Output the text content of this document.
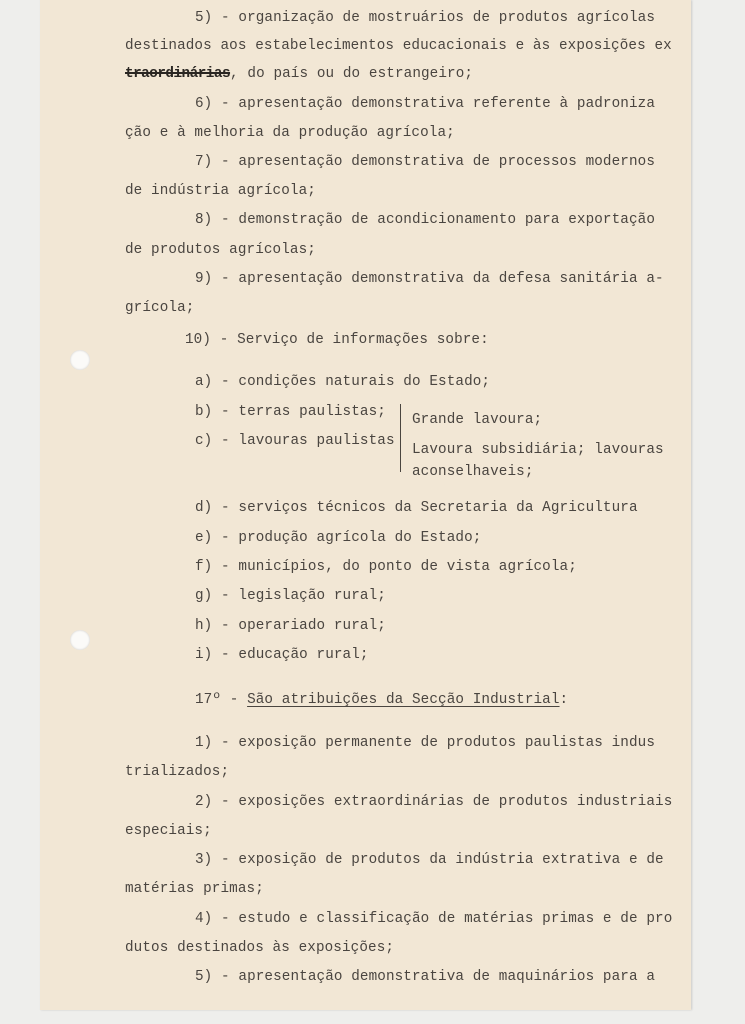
5) - organização de mostruários de produtos agrícolas
destinados aos estabelecimentos educacionais e às exposições ex
traordinárias, do país ou do estrangeiro;
6) - apresentação demonstrativa referente à padroniza
ção e à melhoria da produção agrícola;
7) - apresentação demonstrativa de processos modernos
de indústria agrícola;
8) - demonstração de acondicionamento para exportação
de produtos agrícolas;
9) - apresentação demonstrativa da defesa sanitária a-
grícola;
10) - Serviço de informações sobre:
a) - condições naturais do Estado;
b) - terras paulistas;
c) - lavouras paulistas
Grande lavoura;
Lavoura subsidiária; lavouras
aconselhaveis;
d) - serviços técnicos da Secretaria da Agricultura
e) - produção agrícola do Estado;
f) - municípios, do ponto de vista agrícola;
g) - legislação rural;
h) - operariado rural;
i) - educação rural;
17º - São atribuições da Secção Industrial:
1) - exposição permanente de produtos paulistas indus
trializados;
2) - exposições extraordinárias de produtos industriais
especiais;
3) - exposição de produtos da indústria extrativa e de
matérias primas;
4) - estudo e classificação de matérias primas e de pro
dutos destinados às exposições;
5) - apresentação demonstrativa de maquinários para a
